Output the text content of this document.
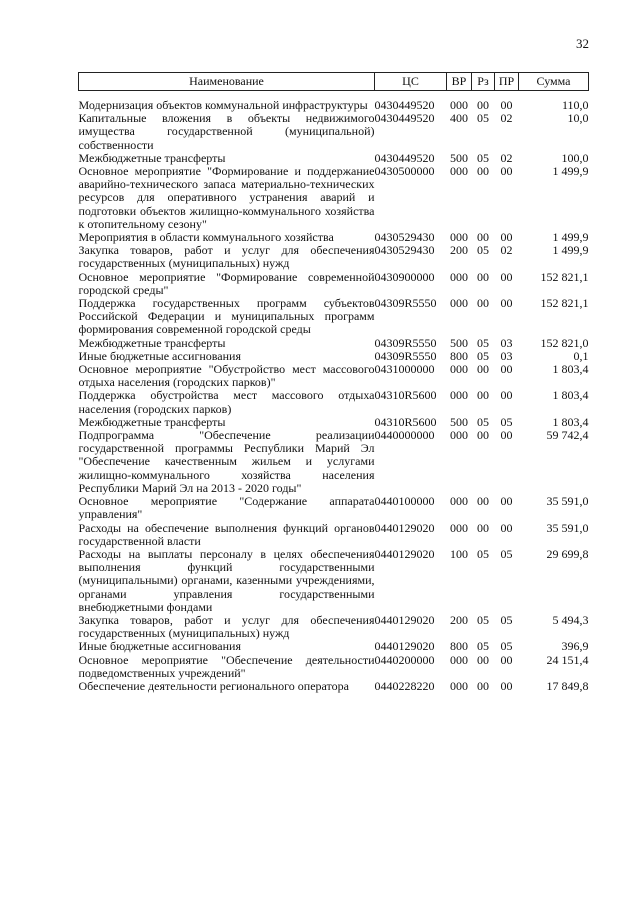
32
Наименование	ЦС	ВР	Рз	ПР	Сумма
Модернизация объектов коммунальной инфраструктуры	0430449520	000	00	00	110,0
Капитальные вложения в объекты недвижимого имущества государственной (муниципальной) собственности	0430449520	400	05	02	10,0
Межбюджетные трансферты	0430449520	500	05	02	100,0
Основное мероприятие "Формирование и поддержание аварийно-технического запаса материально-технических ресурсов для оперативного устранения аварий и подготовки объектов жилищно-коммунального хозяйства к отопительному сезону"	0430500000	000	00	00	1 499,9
Мероприятия в области коммунального хозяйства	0430529430	000	00	00	1 499,9
Закупка товаров, работ и услуг для обеспечения государственных (муниципальных) нужд	0430529430	200	05	02	1 499,9
Основное мероприятие "Формирование современной городской среды"	0430900000	000	00	00	152 821,1
Поддержка государственных программ субъектов Российской Федерации и муниципальных программ формирования современной городской среды	04309R5550	000	00	00	152 821,1
Межбюджетные трансферты	04309R5550	500	05	03	152 821,0
Иные бюджетные ассигнования	04309R5550	800	05	03	0,1
Основное мероприятие "Обустройство мест массового отдыха населения (городских парков)"	0431000000	000	00	00	1 803,4
Поддержка обустройства мест массового отдыха населения (городских парков)	04310R5600	000	00	00	1 803,4
Межбюджетные трансферты	04310R5600	500	05	05	1 803,4
Подпрограмма "Обеспечение реализации государственной программы Республики Марий Эл "Обеспечение качественным жильем и услугами жилищно-коммунального хозяйства населения Республики Марий Эл на 2013 - 2020 годы"	0440000000	000	00	00	59 742,4
Основное мероприятие "Содержание аппарата управления"	0440100000	000	00	00	35 591,0
Расходы на обеспечение выполнения функций органов государственной власти	0440129020	000	00	00	35 591,0
Расходы на выплаты персоналу в целях обеспечения выполнения функций государственными (муниципальными) органами, казенными учреждениями, органами управления государственными внебюджетными фондами	0440129020	100	05	05	29 699,8
Закупка товаров, работ и услуг для обеспечения государственных (муниципальных) нужд	0440129020	200	05	05	5 494,3
Иные бюджетные ассигнования	0440129020	800	05	05	396,9
Основное мероприятие "Обеспечение деятельности подведомственных учреждений"	0440200000	000	00	00	24 151,4
Обеспечение деятельности регионального оператора	0440228220	000	00	00	17 849,8
